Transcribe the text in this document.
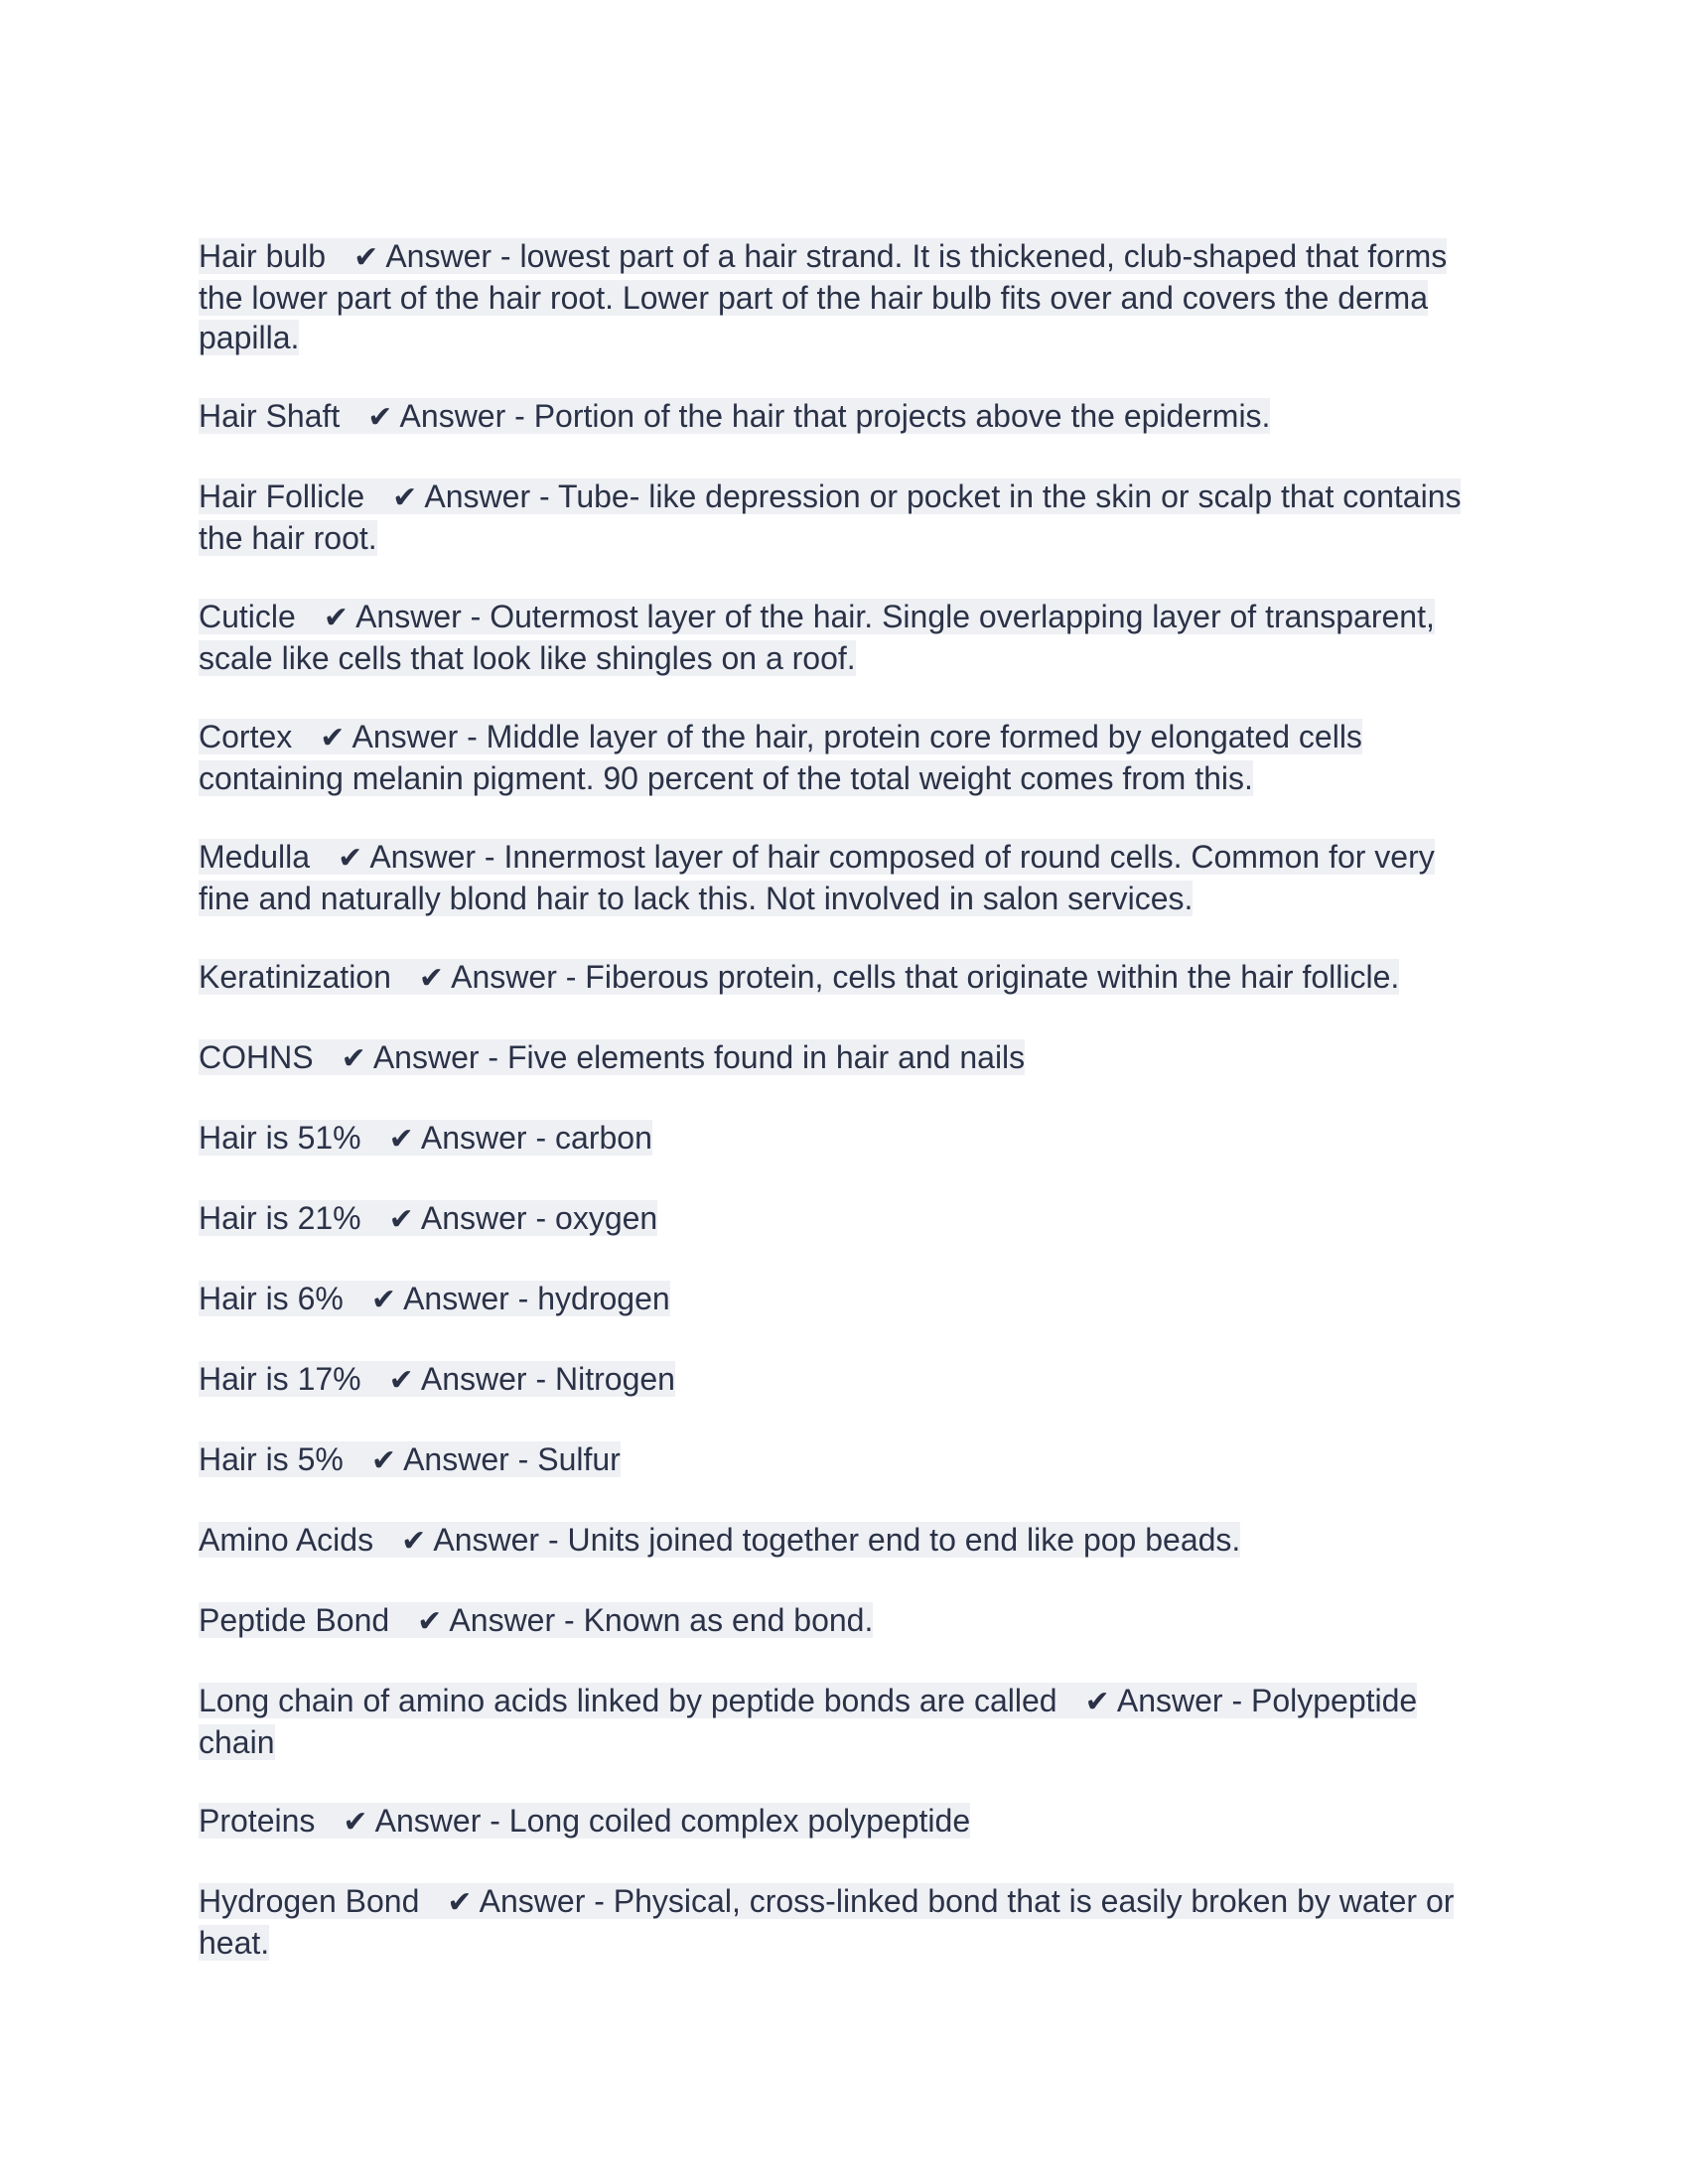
Hair bulb ✔ Answer - lowest part of a hair strand. It is thickened, club-shaped that forms the lower part of the hair root. Lower part of the hair bulb fits over and covers the derma papilla.

Hair Shaft ✔ Answer - Portion of the hair that projects above the epidermis.

Hair Follicle ✔ Answer - Tube- like depression or pocket in the skin or scalp that contains the hair root.

Cuticle ✔ Answer - Outermost layer of the hair. Single overlapping layer of transparent, scale like cells that look like shingles on a roof.

Cortex ✔ Answer - Middle layer of the hair, protein core formed by elongated cells containing melanin pigment. 90 percent of the total weight comes from this.

Medulla ✔ Answer - Innermost layer of hair composed of round cells. Common for very fine and naturally blond hair to lack this. Not involved in salon services.

Keratinization ✔ Answer - Fiberous protein, cells that originate within the hair follicle.

COHNS ✔ Answer - Five elements found in hair and nails

Hair is 51% ✔ Answer - carbon

Hair is 21% ✔ Answer - oxygen

Hair is 6% ✔ Answer - hydrogen

Hair is 17% ✔ Answer - Nitrogen

Hair is 5% ✔ Answer - Sulfur

Amino Acids ✔ Answer - Units joined together end to end like pop beads.

Peptide Bond ✔ Answer - Known as end bond.

Long chain of amino acids linked by peptide bonds are called ✔ Answer - Polypeptide chain

Proteins ✔ Answer - Long coiled complex polypeptide

Hydrogen Bond ✔ Answer - Physical, cross-linked bond that is easily broken by water or heat.
